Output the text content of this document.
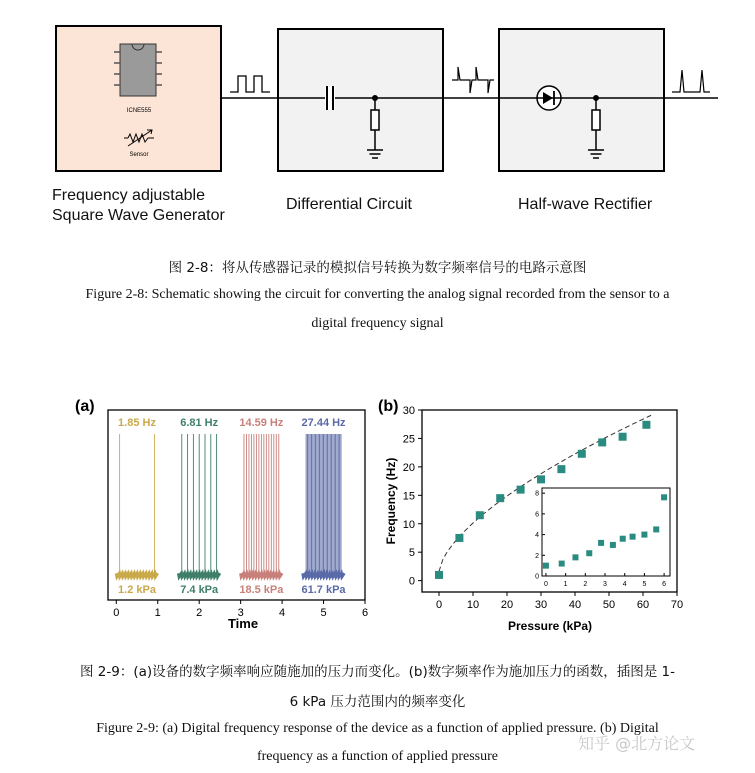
ICNE555
Sensor
Frequency adjustable
Square Wave Generator
Differential Circuit	Half-wave Rectifier
图 2-8：将从传感器记录的模拟信号转换为数字频率信号的电路示意图
Figure 2-8: Schematic showing the circuit for converting the analog signal recorded from the sensor to a
digital frequency signal
(a)
1.85 Hz
1.2 kPa
6.81 Hz
7.4 kPa
14.59 Hz
18.5 kPa
27.44 Hz
61.7 kPa
0	1	2	3	4	5	6
Time
(b)
0 10 20 30 40 50 60 70
0
5
10
15
20
25
30
Frequency (Hz)
Pressure (kPa)
0 1 2 3 4 5 6
0
2
4
6
8
图 2-9：(a)设备的数字频率响应随施加的压力而变化。(b)数字频率作为施加压力的函数，插图是 1-
6 kPa 压力范围内的频率变化
Figure 2-9: (a) Digital frequency response of the device as a function of applied pressure. (b) Digital
frequency as a function of applied pressure
知乎 @北方论文
